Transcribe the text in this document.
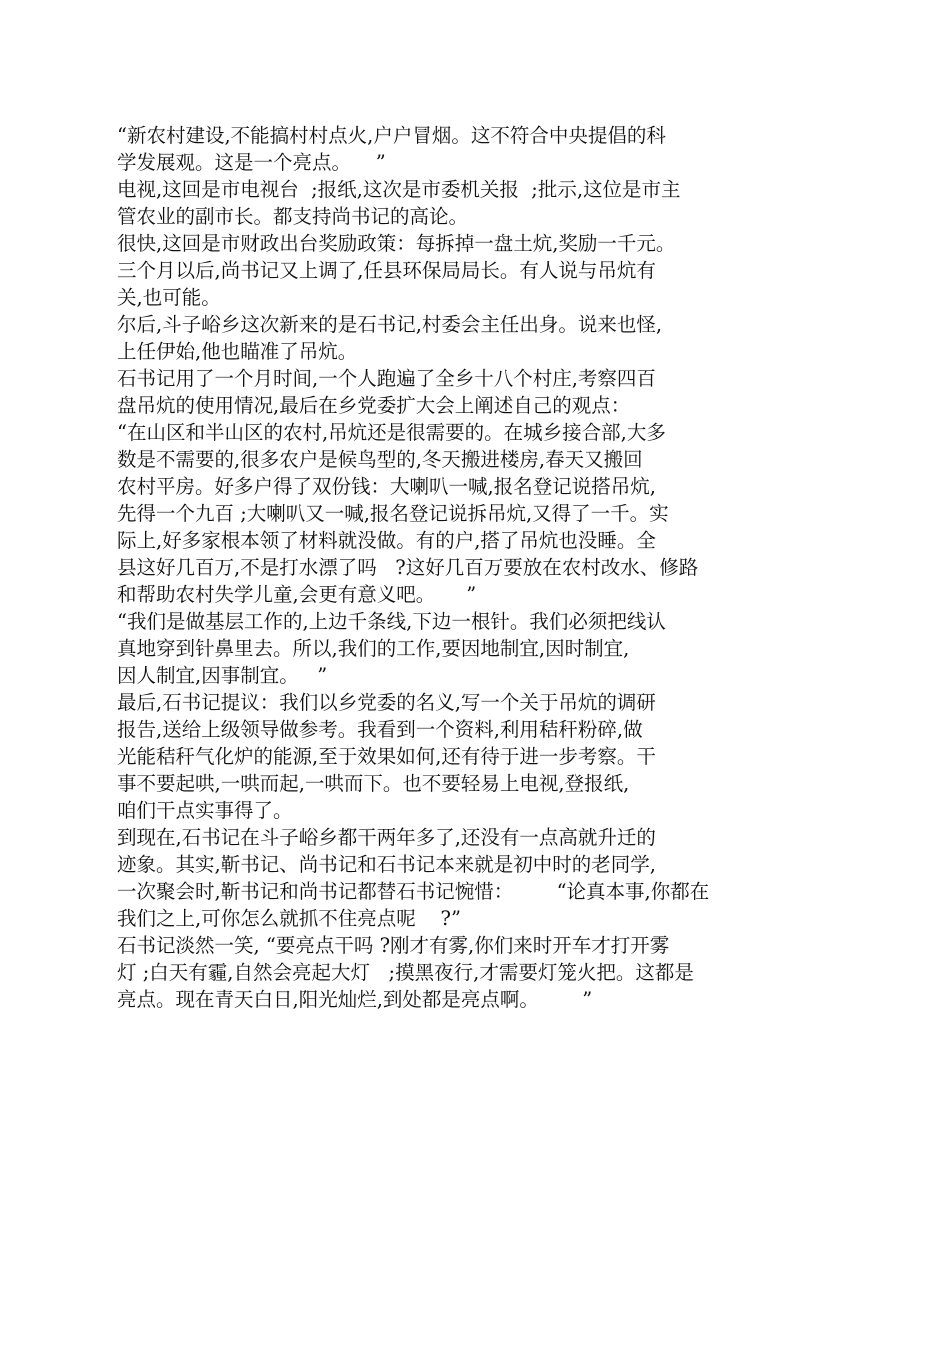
“新农村建设,不能搞村村点火,户户冒烟。这不符合中央提倡的科
学发展观。这是一个亮点。    ”
电视,这回是市电视台  ;报纸,这次是市委机关报  ;批示,这位是市主
管农业的副市长。都支持尚书记的高论。
很快,这回是市财政出台奖励政策：每拆掉一盘土炕,奖励一千元。
三个月以后,尚书记又上调了,任县环保局局长。有人说与吊炕有
关,也可能。
尔后,斗子峪乡这次新来的是石书记,村委会主任出身。说来也怪,
上任伊始,他也瞄准了吊炕。
石书记用了一个月时间,一个人跑遍了全乡十八个村庄,考察四百
盘吊炕的使用情况,最后在乡党委扩大会上阐述自己的观点：
“在山区和半山区的农村,吊炕还是很需要的。在城乡接合部,大多
数是不需要的,很多农户是候鸟型的,冬天搬进楼房,春天又搬回
农村平房。好多户得了双份钱：大喇叭一喊,报名登记说搭吊炕,
先得一个九百 ;大喇叭又一喊,报名登记说拆吊炕,又得了一千。实
际上,好多家根本领了材料就没做。有的户,搭了吊炕也没睡。全
县这好几百万,不是打水漂了吗   ?这好几百万要放在农村改水、修路
和帮助农村失学儿童,会更有意义吧。     ”
“我们是做基层工作的,上边千条线,下边一根针。我们必须把线认
真地穿到针鼻里去。所以,我们的工作,要因地制宜,因时制宜,
因人制宜,因事制宜。   ”
最后,石书记提议：我们以乡党委的名义,写一个关于吊炕的调研
报告,送给上级领导做参考。我看到一个资料,利用秸秆粉碎,做
光能秸秆气化炉的能源,至于效果如何,还有待于进一步考察。干
事不要起哄,一哄而起,一哄而下。也不要轻易上电视,登报纸,
咱们干点实事得了。
到现在,石书记在斗子峪乡都干两年多了,还没有一点高就升迁的
迹象。其实,靳书记、尚书记和石书记本来就是初中时的老同学,
一次聚会时,靳书记和尚书记都替石书记惋惜：       “论真本事,你都在
我们之上,可你怎么就抓不住亮点呢    ?”
石书记淡然一笑, “要亮点干吗 ?刚才有雾,你们来时开车才打开雾
灯 ;白天有霾,自然会亮起大灯   ;摸黑夜行,才需要灯笼火把。这都是
亮点。现在青天白日,阳光灿烂,到处都是亮点啊。       ”
